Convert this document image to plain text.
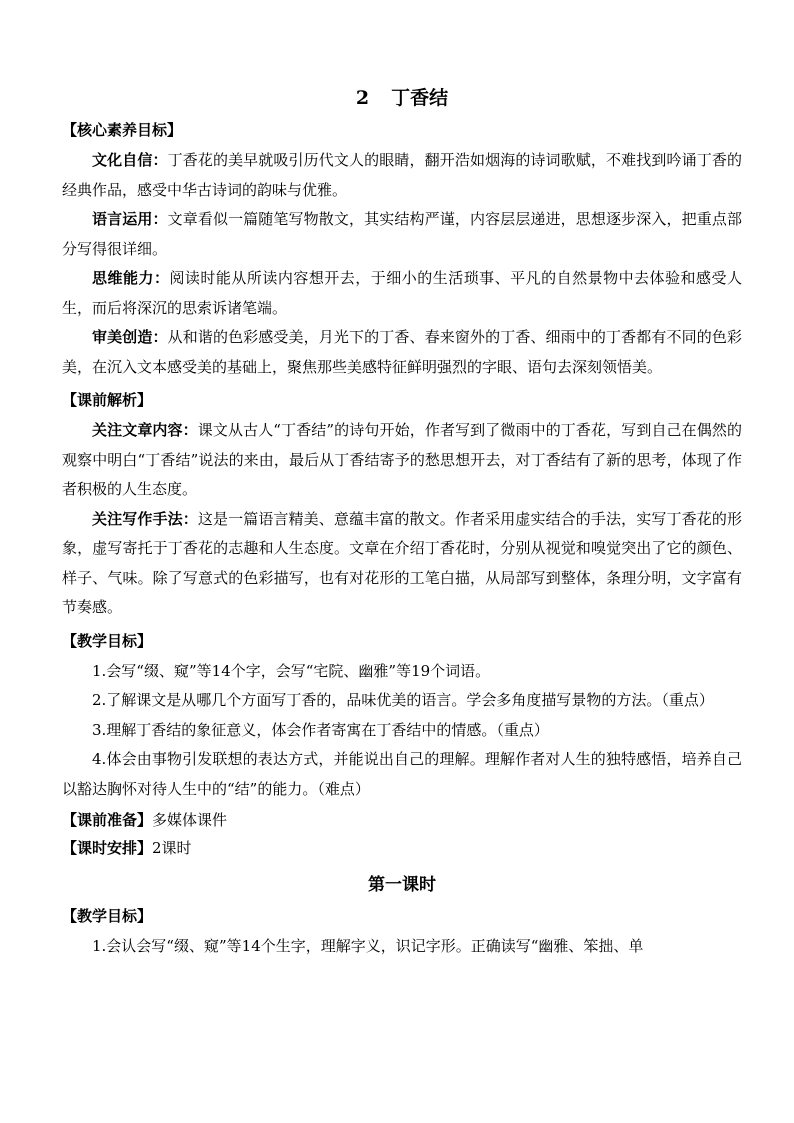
2 丁香结
【核心素养目标】

文化自信：丁香花的美早就吸引历代文人的眼睛，翻开浩如烟海的诗词歌赋，不难找到吟诵丁香的经典作品，感受中华古诗词的韵味与优雅。

语言运用：文章看似一篇随笔写物散文，其实结构严谨，内容层层递进，思想逐步深入，把重点部分写得很详细。

思维能力：阅读时能从所读内容想开去，于细小的生活琐事、平凡的自然景物中去体验和感受人生，而后将深沉的思索诉诸笔端。

审美创造：从和谐的色彩感受美，月光下的丁香、春来窗外的丁香、细雨中的丁香都有不同的色彩美，在沉入文本感受美的基础上，聚焦那些美感特征鲜明强烈的字眼、语句去深刻领悟美。

【课前解析】

关注文章内容：课文从古人“丁香结”的诗句开始，作者写到了微雨中的丁香花，写到自己在偶然的观察中明白“丁香结”说法的来由，最后从丁香结寄予的愁思想开去，对丁香结有了新的思考，体现了作者积极的人生态度。

关注写作手法：这是一篇语言精美、意蕴丰富的散文。作者采用虚实结合的手法，实写丁香花的形象，虚写寄托于丁香花的志趣和人生态度。文章在介绍丁香花时，分别从视觉和嗅觉突出了它的颜色、样子、气味。除了写意式的色彩描写，也有对花形的工笔白描，从局部写到整体，条理分明，文字富有节奏感。

【教学目标】

1.会写“缀、窥”等14个字，会写“宅院、幽雅”等19个词语。

2.了解课文是从哪几个方面写丁香的，品味优美的语言。学会多角度描写景物的方法。（重点）

3.理解丁香结的象征意义，体会作者寄寓在丁香结中的情感。（重点）

4.体会由事物引发联想的表达方式，并能说出自己的理解。理解作者对人生的独特感悟，培养自己以豁达胸怀对待人生中的“结”的能力。（难点）

【课前准备】多媒体课件
【课时安排】2课时
第一课时
【教学目标】

1.会认会写“缀、窥”等14个生字，理解字义，识记字形。正确读写“幽雅、笨拙、单
